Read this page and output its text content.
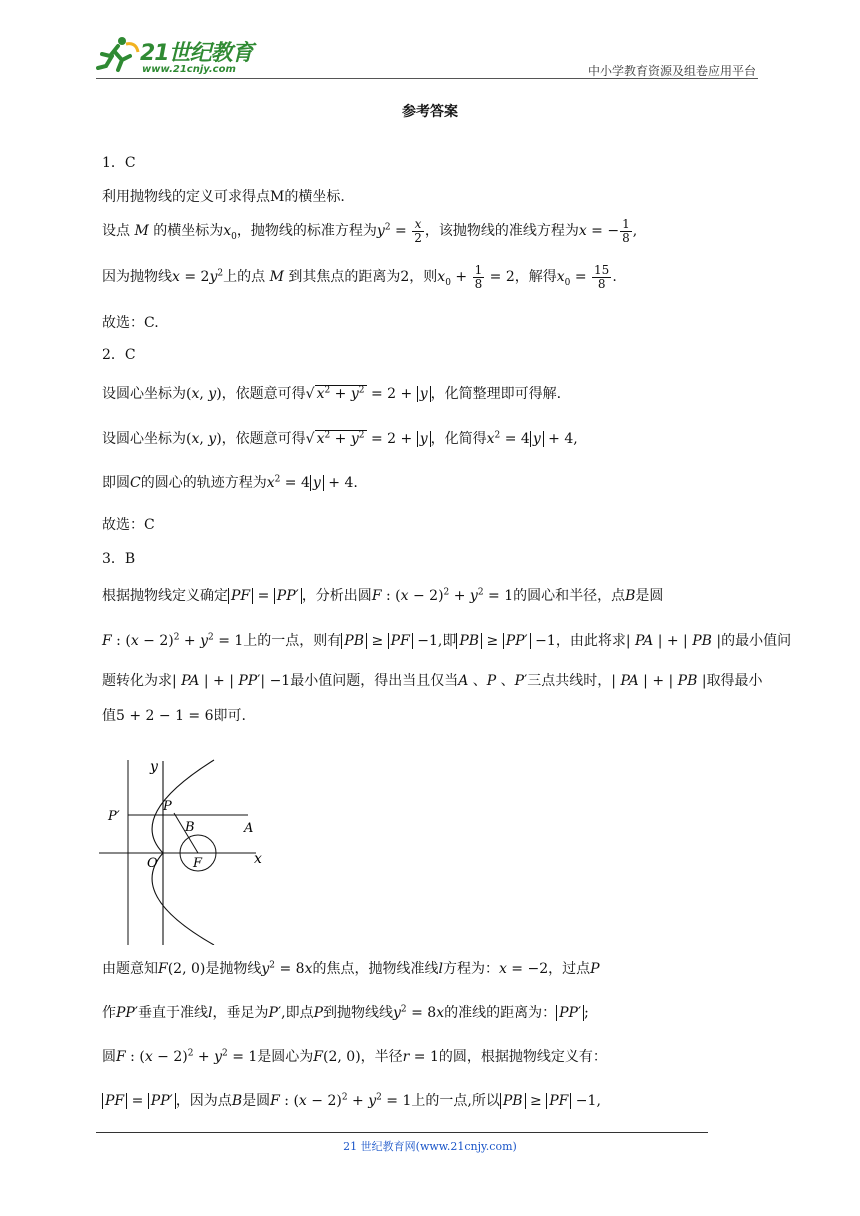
21世纪教育
www.21cnjy.com	中小学教育资源及组卷应用平台
参考答案
1．C
利用抛物线的定义可求得点M的横坐标.
设点 M 的横坐标为$x_0$，抛物线的标准方程为$y^2 = \frac{x}{2}$ ，该抛物线的准线方程为x = − $\frac{1}{8}$ ,
因为抛物线$x = 2y^2$上的点 M 到其焦点的距离为2，则$x_0 + \frac{1}{8} = 2$，解得$x_0 = \frac{15}{8}$ .
故选：C.
2．C
设圆心坐标为(x, y)，依题意可得√ $x^2 + y^2 = 2 + y$ ，化简整理即可得解.
设圆心坐标为(x, y)，依题意可得√ $x^2 + y^2 = 2 + y$ ，化简得$x^2 = 4$ y + 4,
即圆C的圆心的轨迹方程为$x^2 = 4$ y + 4.
故选：C
3．B
根据抛物线定义确定 PF = PP′ ，分析出圆F : $(x - 2)^2 + y^2 = 1$的圆心和半径，点B是圆
F : $(x - 2)^2 + y^2 = 1$上的一点，则有 PB ≥ PF −1,即 PB ≥ PP′ −1，由此将求| PA | + | PB |的最小值问
题转化为求| PA | + | PP′| −1最小值问题，得出当且仅当A 、P 、P′三点共线时，| PA | + | PB |取得最小
值5 + 2 − 1 = 6即可.
y
P′
P
B	A
O	F	x
由题意知F(2, 0)是抛物线$y^2 = 8x$的焦点，抛物线准线l方程为：x = −2，过点P
作PP′垂直于准线l，垂足为P′,即点P到抛物线线$y^2 = 8x$的准线的距离为： PP′ ;
圆F : $(x - 2)^2 + y^2 = 1$是圆心为F(2, 0)，半径r = 1的圆，根据抛物线定义有：
PF = PP′ ，因为点B是圆F : $(x - 2)^2 + y^2 = 1$上的一点,所以 PB ≥ PF −1,
21 世纪教育网(www.21cnjy.com)
